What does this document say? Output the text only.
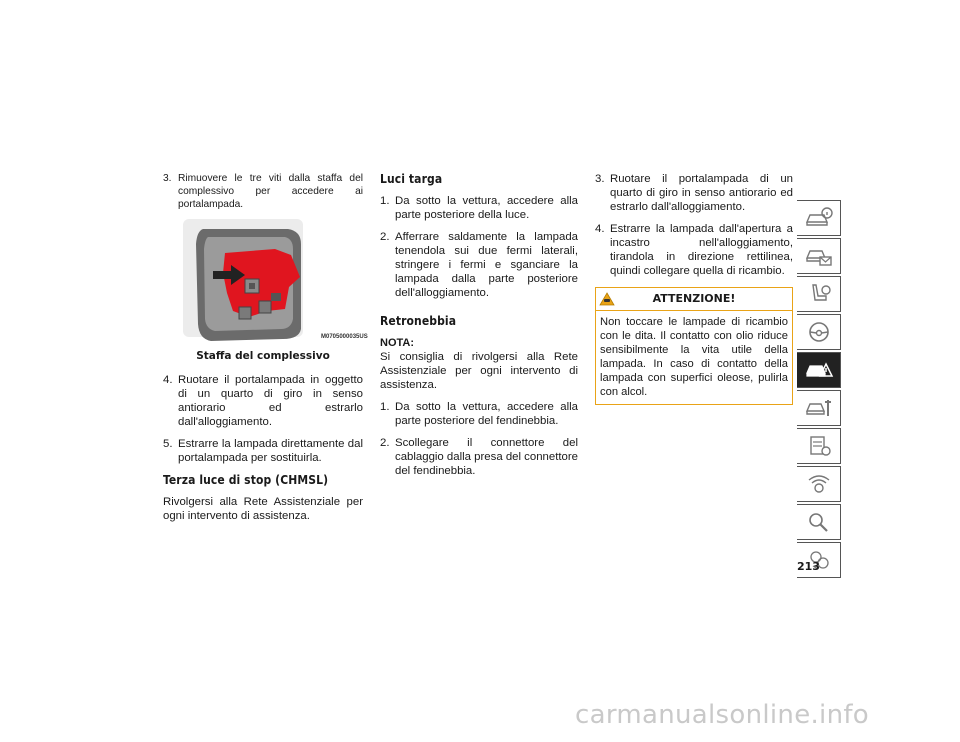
3. Rimuovere le tre viti dalla staffa del complessivo per accedere ai portalampada.
M0705000035US
Staffa del complessivo
4. Ruotare il portalampada in oggetto di un quarto di giro in senso antiorario ed estrarlo dall'alloggiamento.
5. Estrarre la lampada direttamente dal portalampada per sostituirla.
Terza luce di stop (CHMSL)

Rivolgersi alla Rete Assistenziale per ogni intervento di assistenza.

Luci targa
1. Da sotto la vettura, accedere alla parte posteriore della luce.
2. Afferrare saldamente la lampada tenendola sui due fermi laterali, stringere i fermi e sganciare la lampada dalla parte posteriore dell'alloggiamento.
Retronebbia
NOTA:

Si consiglia di rivolgersi alla Rete Assistenziale per ogni intervento di assistenza.

1. Da sotto la vettura, accedere alla parte posteriore del fendinebbia.
2. Scollegare il connettore del cablaggio dalla presa del connettore del fendinebbia.
3. Ruotare il portalampada di un quarto di giro in senso antiorario ed estrarlo dall'alloggiamento.
4. Estrarre la lampada dall'apertura a incastro nell'alloggiamento, tirandola in direzione rettilinea, quindi collegare quella di ricambio.
ATTENZIONE!
Non toccare le lampade di ricambio con le dita. Il contatto con olio riduce sensibilmente la vita utile della lampada. In caso di contatto della lampada con superfici oleose, pulirla con alcol.
213
carmanualsonline.info
